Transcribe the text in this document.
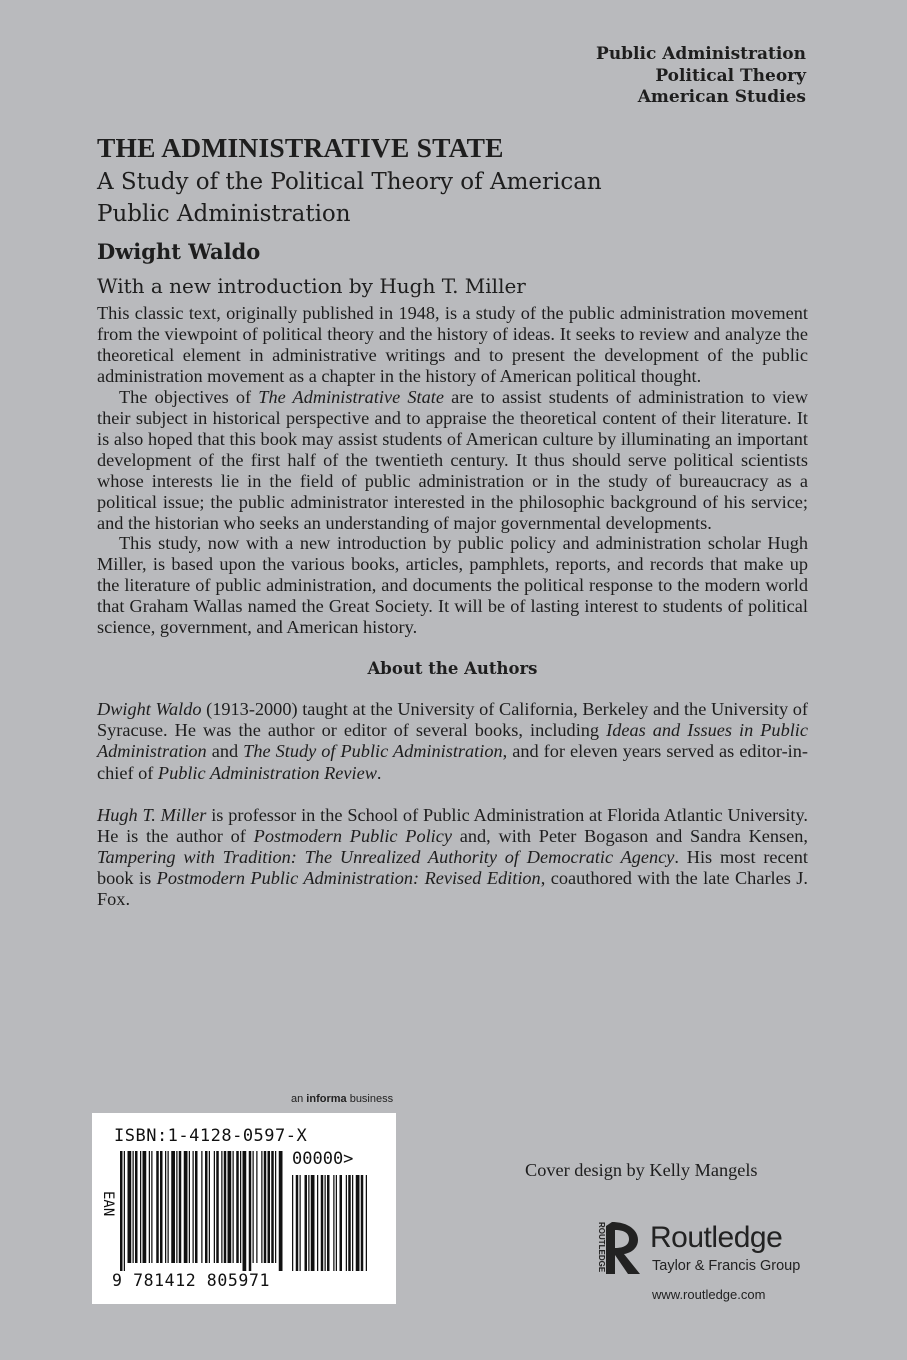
Public Administration
Political Theory
American Studies
THE ADMINISTRATIVE STATE
A Study of the Political Theory of American
Public Administration
Dwight Waldo
With a new introduction by Hugh T. Miller

This classic text, originally published in 1948, is a study of the public administration movement from the viewpoint of political theory and the history of ideas. It seeks to review and analyze the theoretical element in administrative writings and to present the development of the public administration movement as a chapter in the history of American political thought.

The objectives of The Administrative State are to assist students of administration to view their subject in historical perspective and to appraise the theoretical content of their literature. It is also hoped that this book may assist students of American culture by illuminating an important development of the first half of the twentieth century. It thus should serve political scientists whose interests lie in the field of public administration or in the study of bureaucracy as a political issue; the public administrator interested in the philosophic background of his service; and the historian who seeks an understanding of major governmental developments.

This study, now with a new introduction by public policy and administration scholar Hugh Miller, is based upon the various books, articles, pamphlets, reports, and records that make up the literature of public administration, and documents the political response to the modern world that Graham Wallas named the Great Society. It will be of lasting interest to students of political science, government, and American history.

About the Authors

Dwight Waldo (1913-2000) taught at the University of California, Berkeley and the University of Syracuse. He was the author or editor of several books, including Ideas and Issues in Public Administration and The Study of Public Administration, and for eleven years served as editor-in-chief of Public Administration Review.

Hugh T. Miller is professor in the School of Public Administration at Florida Atlantic University. He is the author of Postmodern Public Policy and, with Peter Bogason and Sandra Kensen, Tampering with Tradition: The Unrealized Authority of Democratic Agency. His most recent book is Postmodern Public Administration: Revised Edition, coauthored with the late Charles J. Fox.

an informa business
ISBN:1-4128-0597-X
00000>
EAN
9 781412 805971
Cover design by Kelly Mangels
ROUTLEDGE Routledge
Taylor & Francis Group
www.routledge.com
